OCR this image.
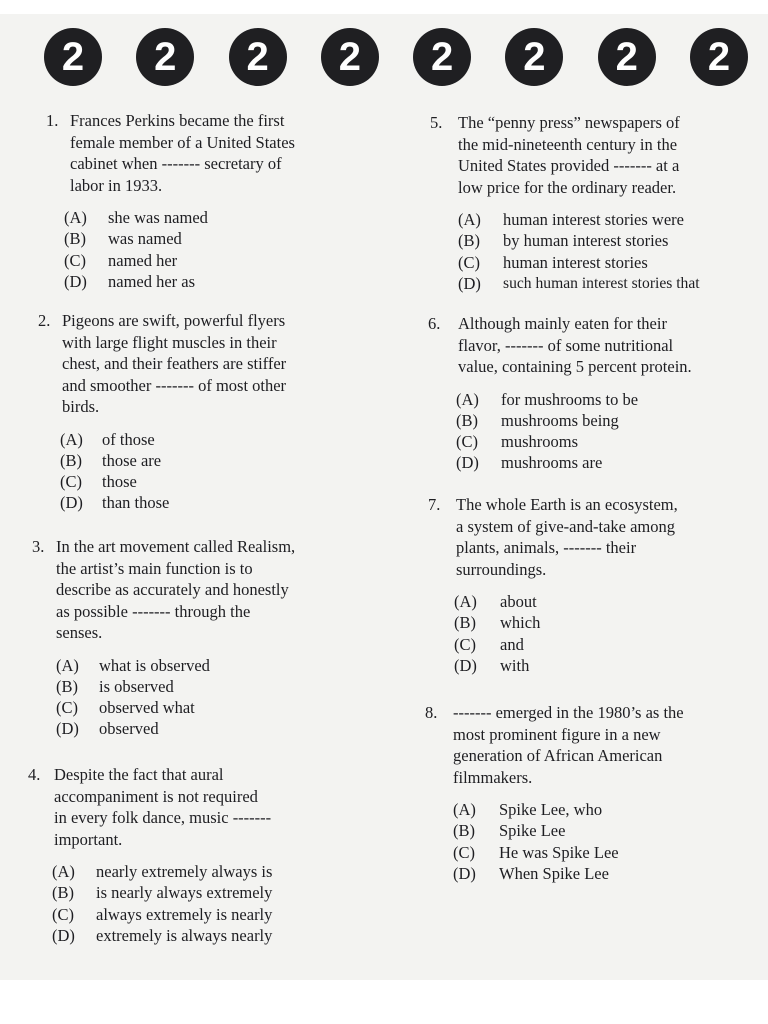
2	2	2	2	2	2	2	2
1. Frances Perkins became the first
female member of a United States
cabinet when ------- secretary of
labor in 1933.
(A) she was named
(B) was named
(C) named her
(D) named her as
2. Pigeons are swift, powerful flyers
with large flight muscles in their
chest, and their feathers are stiffer
and smoother ------- of most other
birds.
(A) of those
(B) those are
(C) those
(D) than those
3. In the art movement called Realism,
the artist’s main function is to
describe as accurately and honestly
as possible ------- through the
senses.
(A) what is observed
(B) is observed
(C) observed what
(D) observed
4. Despite the fact that aural
accompaniment is not required
in every folk dance, music -------
important.
(A) nearly extremely always is
(B) is nearly always extremely
(C) always extremely is nearly
(D) extremely is always nearly
5. The “penny press” newspapers of
the mid-nineteenth century in the
United States provided ------- at a
low price for the ordinary reader.
(A) human interest stories were
(B) by human interest stories
(C) human interest stories
(D) such human interest stories that
6. Although mainly eaten for their
flavor, ------- of some nutritional
value, containing 5 percent protein.
(A) for mushrooms to be
(B) mushrooms being
(C) mushrooms
(D) mushrooms are
7. The whole Earth is an ecosystem,
a system of give-and-take among
plants, animals, ------- their
surroundings.
(A) about
(B) which
(C) and
(D) with
8. ------- emerged in the 1980’s as the
most prominent figure in a new
generation of African American
filmmakers.
(A) Spike Lee, who
(B) Spike Lee
(C) He was Spike Lee
(D) When Spike Lee
